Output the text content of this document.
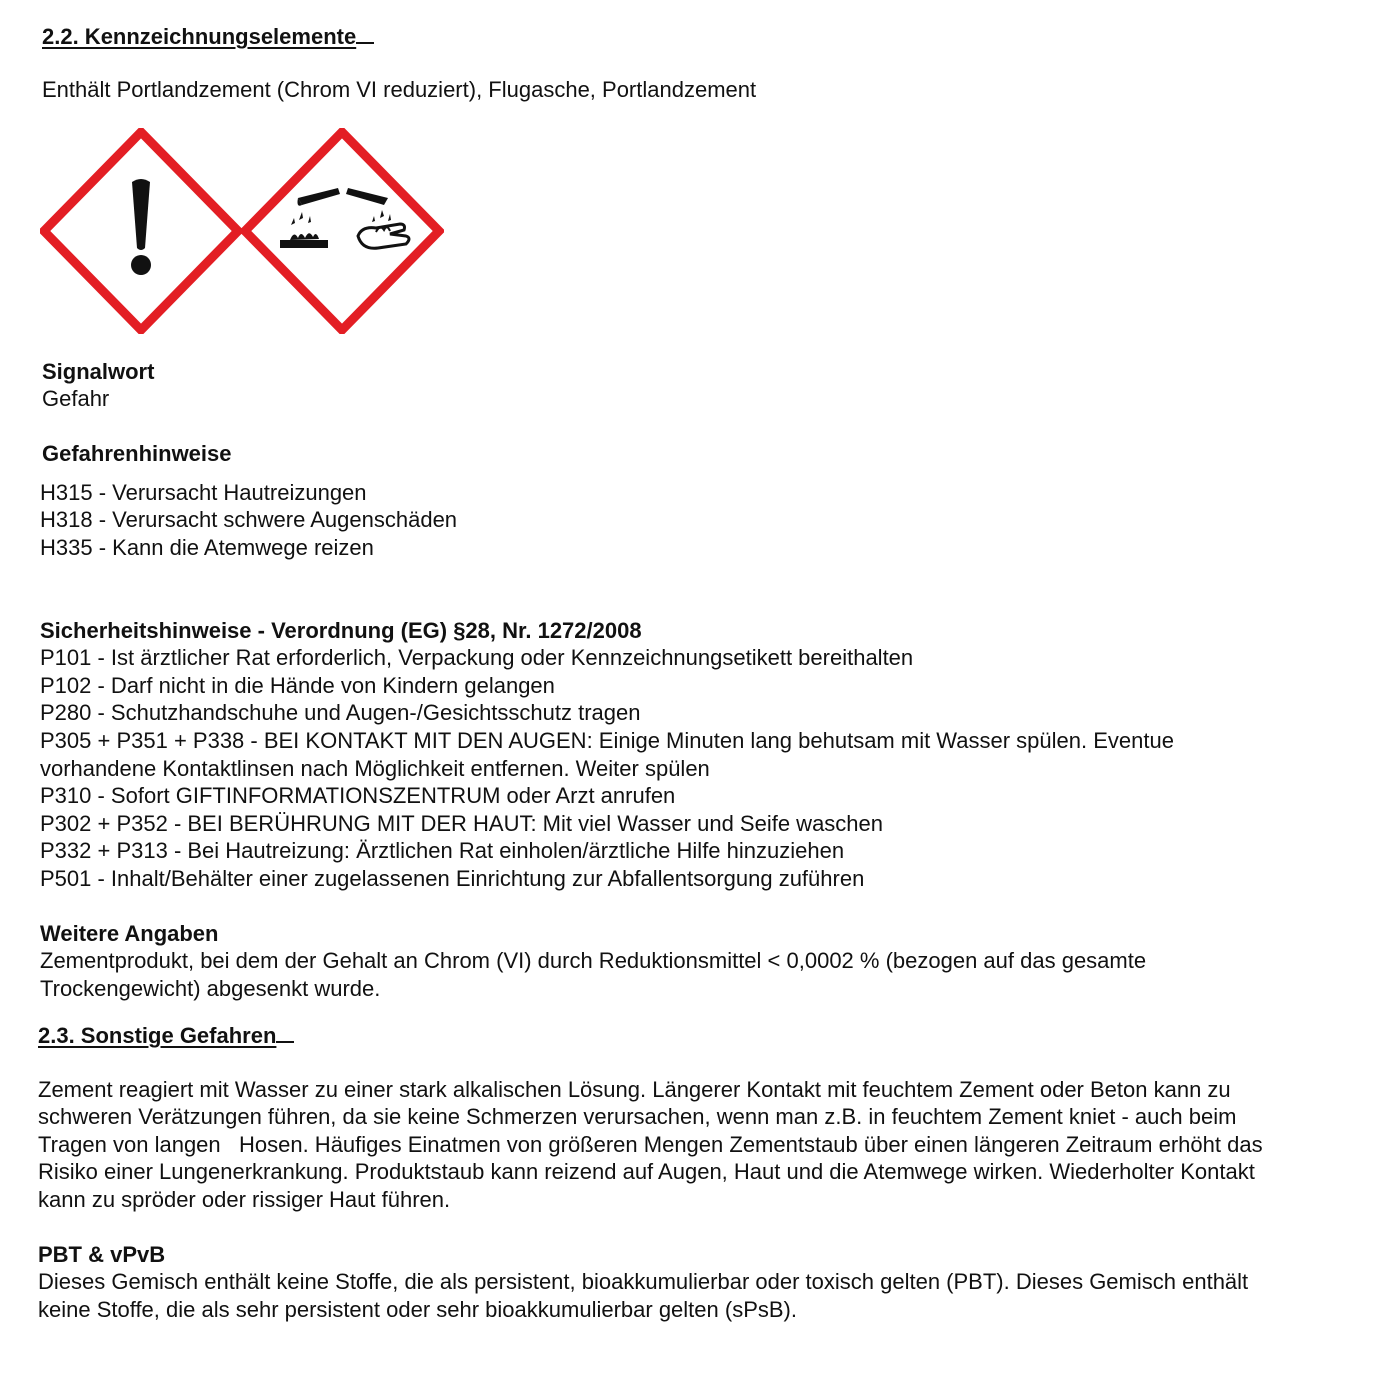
2.2. Kennzeichnungselemente

Enthält Portlandzement (Chrom VI reduziert), Flugasche, Portlandzement

Signalwort

Gefahr

Gefahrenhinweise

H315 - Verursacht Hautreizungen

H318 - Verursacht schwere Augenschäden

H335 - Kann die Atemwege reizen

Sicherheitshinweise - Verordnung (EG) §28, Nr. 1272/2008

P101 - Ist ärztlicher Rat erforderlich, Verpackung oder Kennzeichnungsetikett bereithalten

P102 - Darf nicht in die Hände von Kindern gelangen

P280 - Schutzhandschuhe und Augen-/Gesichtsschutz tragen

P305 + P351 + P338 - BEI KONTAKT MIT DEN AUGEN: Einige Minuten lang behutsam mit Wasser spülen. Eventue

vorhandene Kontaktlinsen nach Möglichkeit entfernen. Weiter spülen

P310 - Sofort GIFTINFORMATIONSZENTRUM oder Arzt anrufen

P302 + P352 - BEI BERÜHRUNG MIT DER HAUT: Mit viel Wasser und Seife waschen

P332 + P313 - Bei Hautreizung: Ärztlichen Rat einholen/ärztliche Hilfe hinzuziehen

P501 - Inhalt/Behälter einer zugelassenen Einrichtung zur Abfallentsorgung zuführen

Weitere Angaben

Zementprodukt, bei dem der Gehalt an Chrom (VI) durch Reduktionsmittel < 0,0002 % (bezogen auf das gesamte

Trockengewicht) abgesenkt wurde.

2.3. Sonstige Gefahren

Zement reagiert mit Wasser zu einer stark alkalischen Lösung. Längerer Kontakt mit feuchtem Zement oder Beton kann zu

schweren Verätzungen führen, da sie keine Schmerzen verursachen, wenn man z.B. in feuchtem Zement kniet - auch beim

Tragen von langen   Hosen. Häufiges Einatmen von größeren Mengen Zementstaub über einen längeren Zeitraum erhöht das

Risiko einer Lungenerkrankung. Produktstaub kann reizend auf Augen, Haut und die Atemwege wirken. Wiederholter Kontakt

kann zu spröder oder rissiger Haut führen.

PBT & vPvB

Dieses Gemisch enthält keine Stoffe, die als persistent, bioakkumulierbar oder toxisch gelten (PBT). Dieses Gemisch enthält

keine Stoffe, die als sehr persistent oder sehr bioakkumulierbar gelten (sPsB).
